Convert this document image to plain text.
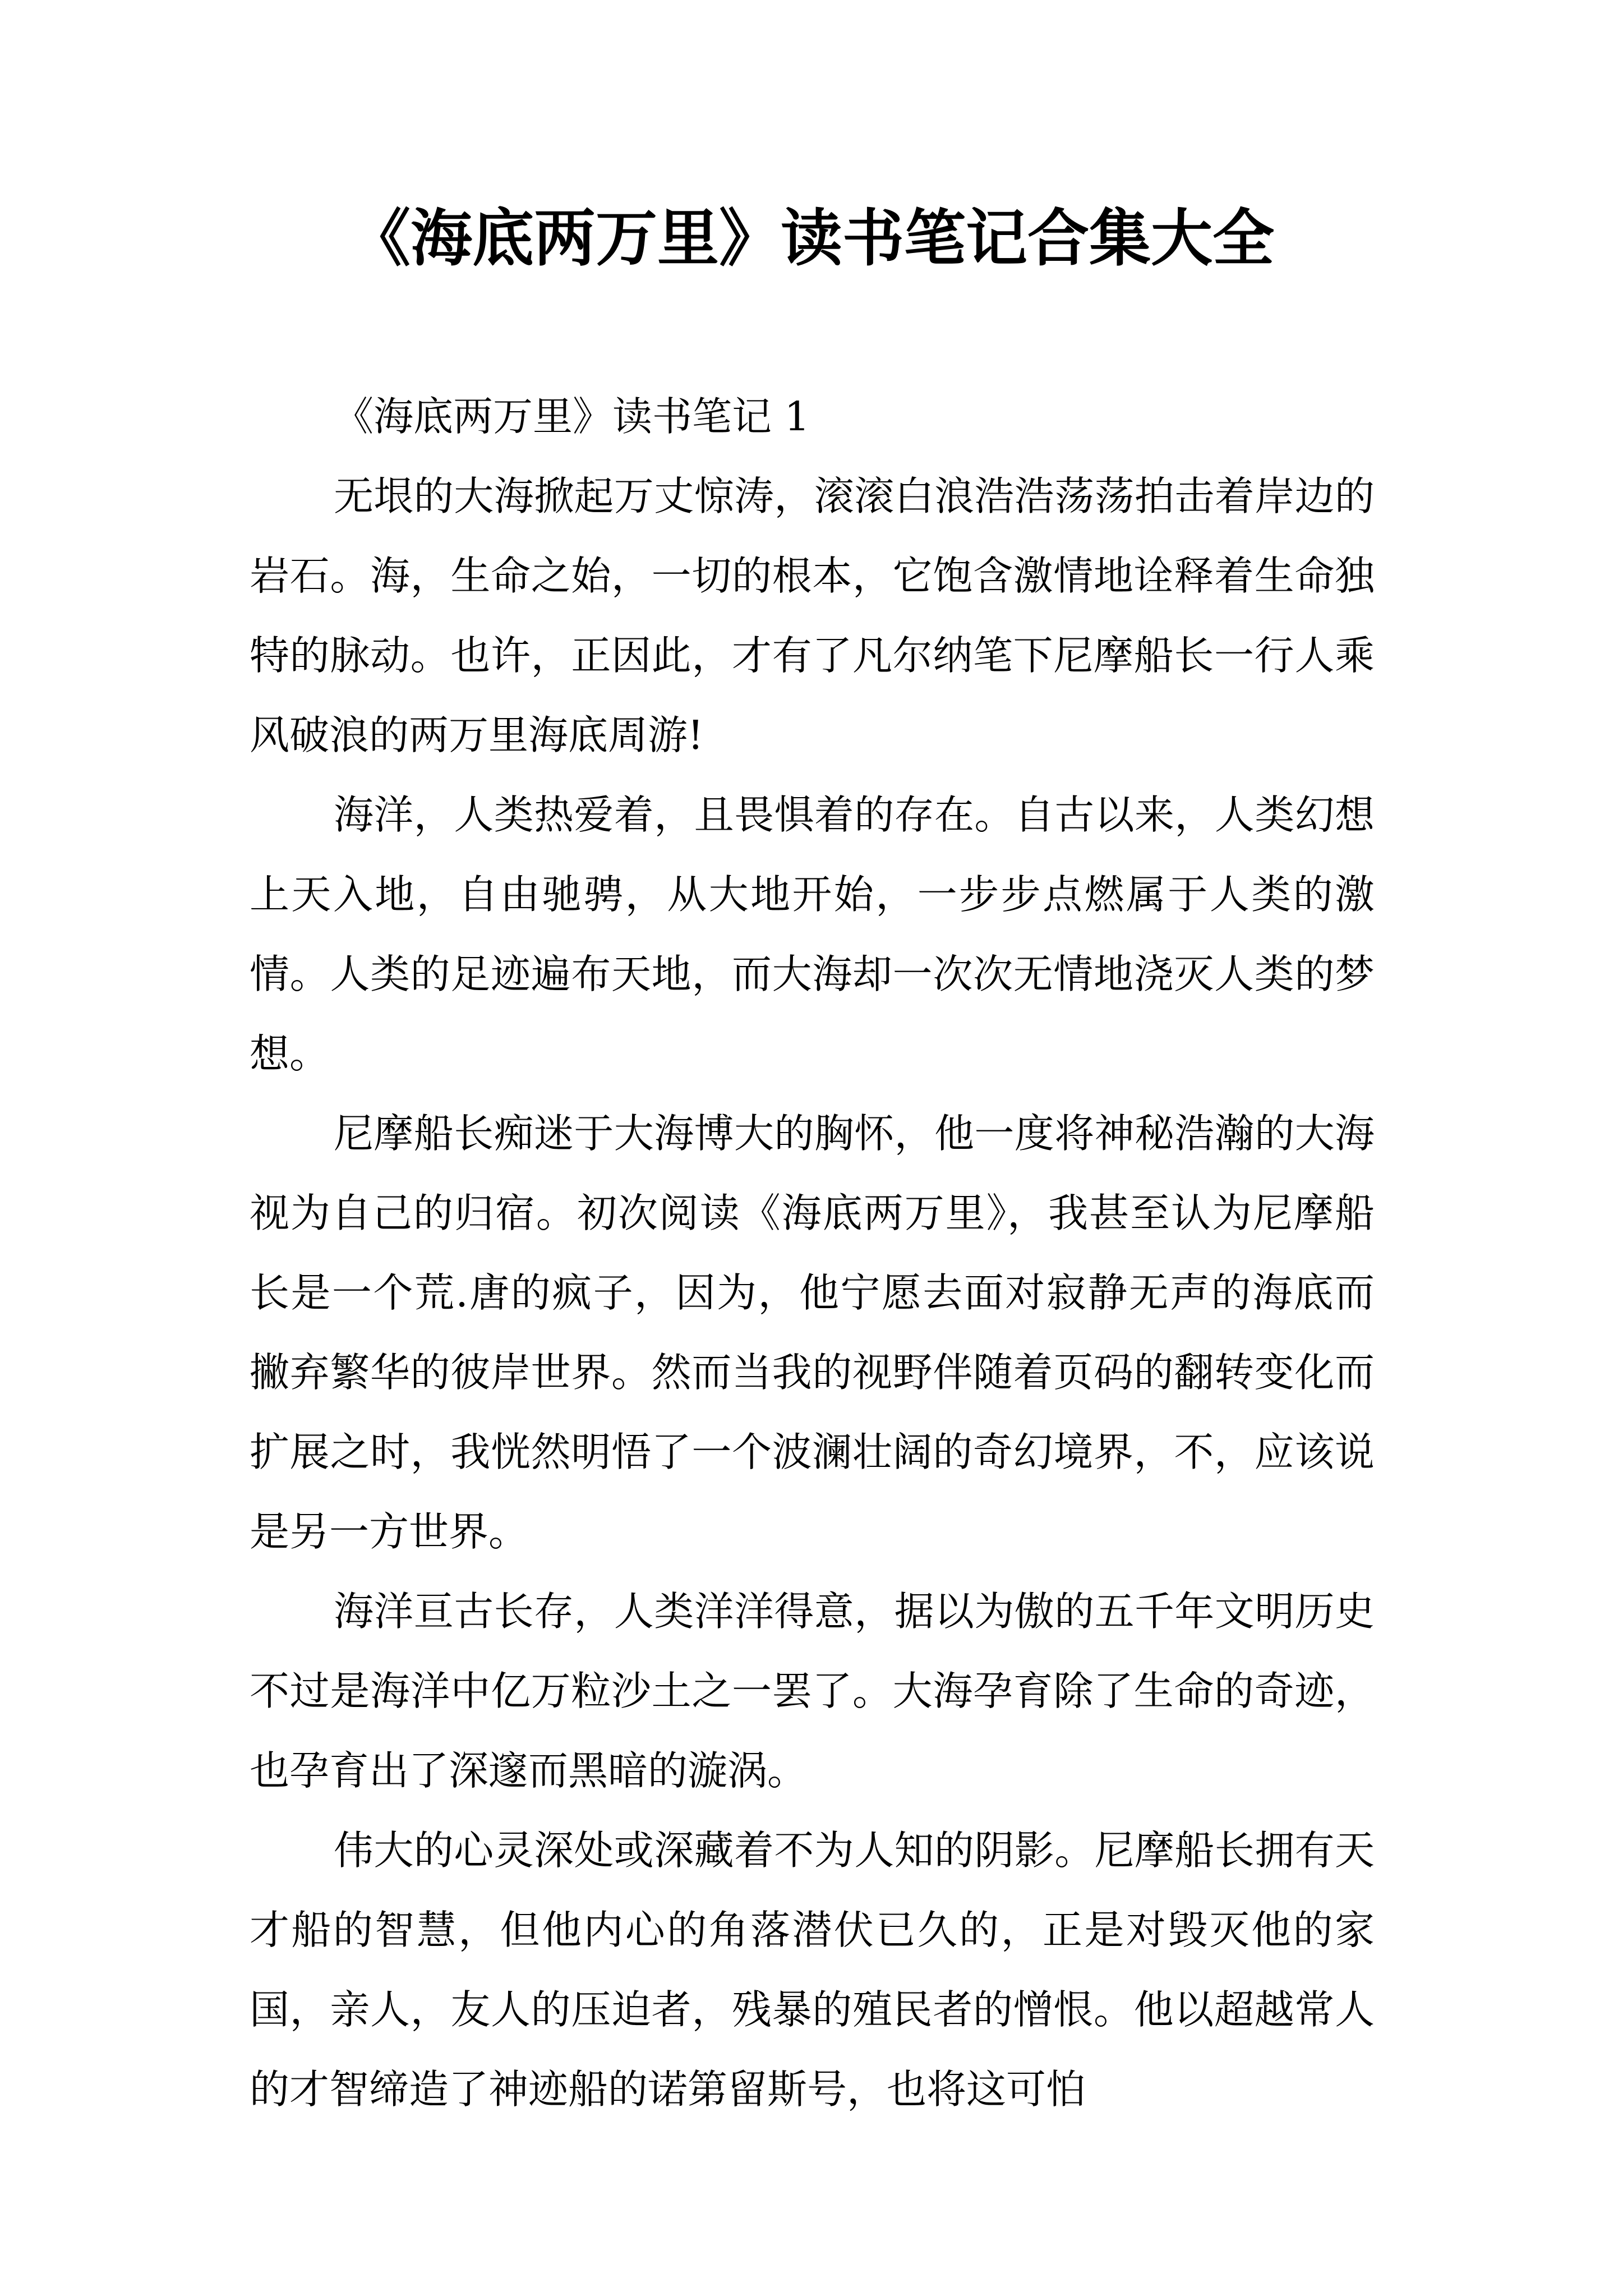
《海底两万里》读书笔记合集大全

《海底两万里》读书笔记 1

无垠的大海掀起万丈惊涛，滚滚白浪浩浩荡荡拍击着岸边的岩石。海，生命之始，一切的根本，它饱含激情地诠释着生命独特的脉动。也许，正因此，才有了凡尔纳笔下尼摩船长一行人乘风破浪的两万里海底周游!

海洋，人类热爱着，且畏惧着的存在。自古以来，人类幻想上天入地，自由驰骋，从大地开始，一步步点燃属于人类的激情。人类的足迹遍布天地，而大海却一次次无情地浇灭人类的梦想。

尼摩船长痴迷于大海博大的胸怀，他一度将神秘浩瀚的大海视为自己的归宿。初次阅读《海底两万里》，我甚至认为尼摩船长是一个荒.唐的疯子，因为，他宁愿去面对寂静无声的海底而撇弃繁华的彼岸世界。然而当我的视野伴随着页码的翻转变化而扩展之时，我恍然明悟了一个波澜壮阔的奇幻境界，不，应该说是另一方世界。

海洋亘古长存，人类洋洋得意，据以为傲的五千年文明历史不过是海洋中亿万粒沙土之一罢了。大海孕育除了生命的奇迹，也孕育出了深邃而黑暗的漩涡。

伟大的心灵深处或深藏着不为人知的阴影。尼摩船长拥有天才船的智慧，但他内心的角落潜伏已久的，正是对毁灭他的家国，亲人，友人的压迫者，残暴的殖民者的憎恨。他以超越常人的才智缔造了神迹船的诺第留斯号，也将这可怕
